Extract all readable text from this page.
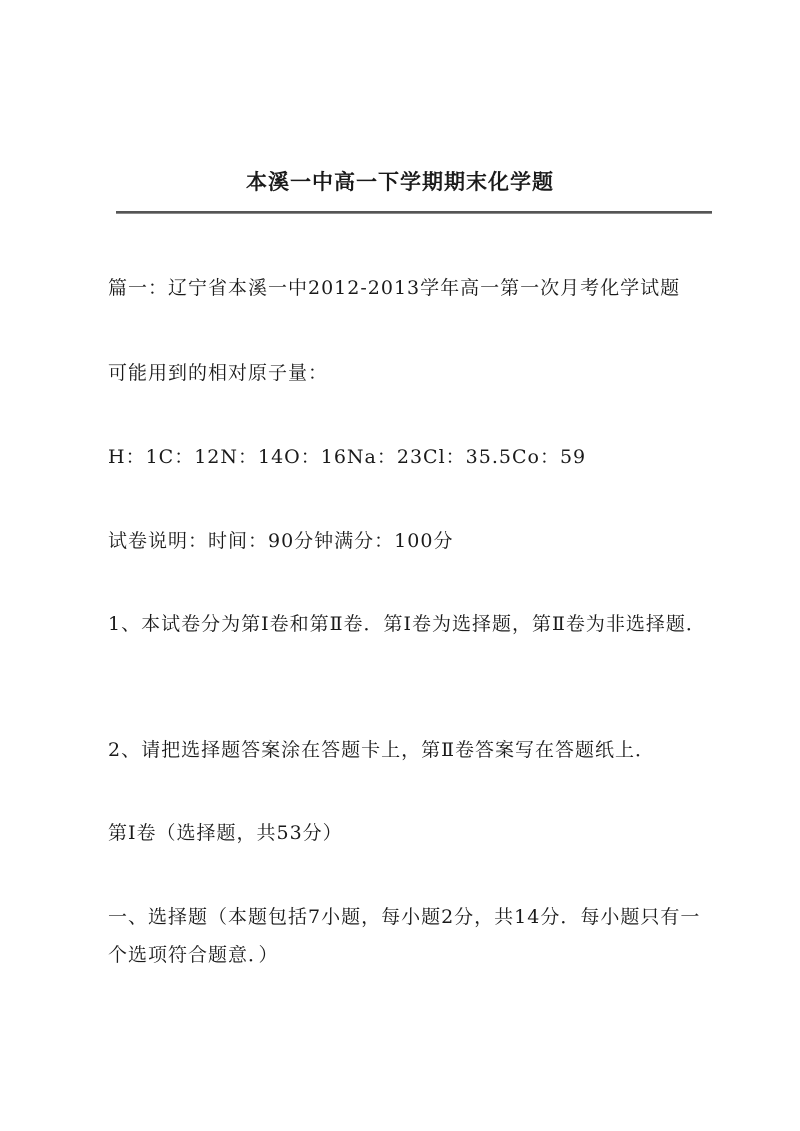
本溪一中高一下学期期末化学题
篇一：辽宁省本溪一中2012-2013学年高一第一次月考化学试题
可能用到的相对原子量：
H：1C：12N：14O：16Na：23Cl：35.5Co：59
试卷说明：时间：90分钟满分：100分
1、本试卷分为第Ⅰ卷和第Ⅱ卷．第Ⅰ卷为选择题，第Ⅱ卷为非选择题．
2、请把选择题答案涂在答题卡上，第Ⅱ卷答案写在答题纸上．
第Ⅰ卷（选择题，共53分）
一、选择题（本题包括7小题，每小题2分，共14分．每小题只有一个选项符合题意．）
